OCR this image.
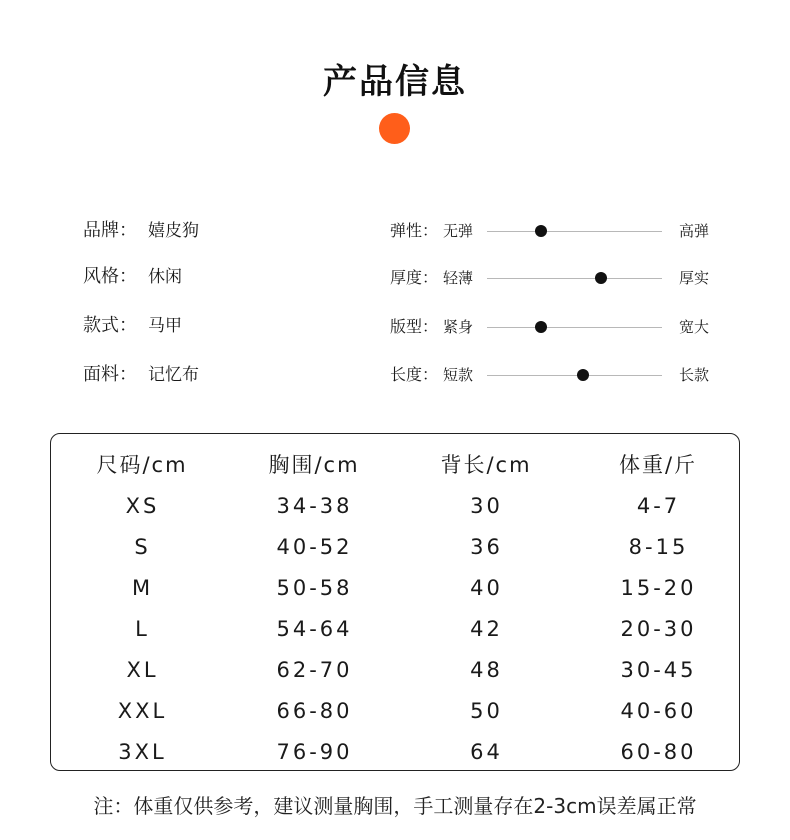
产品信息
品牌： 嬉皮狗
风格： 休闲
款式： 马甲
面料： 记忆布
弹性： 无弹	高弹
厚度： 轻薄	厚实
版型： 紧身	宽大
长度： 短款	长款
尺码/cm	胸围/cm	背长/cm	体重/斤
XS	34-38	30	4-7
S	40-52	36	8-15
M	50-58	40	15-20
L	54-64	42	20-30
XL	62-70	48	30-45
XXL	66-80	50	40-60
3XL	76-90	64	60-80
注：体重仅供参考，建议测量胸围，手工测量存在2-3cm误差属正常
